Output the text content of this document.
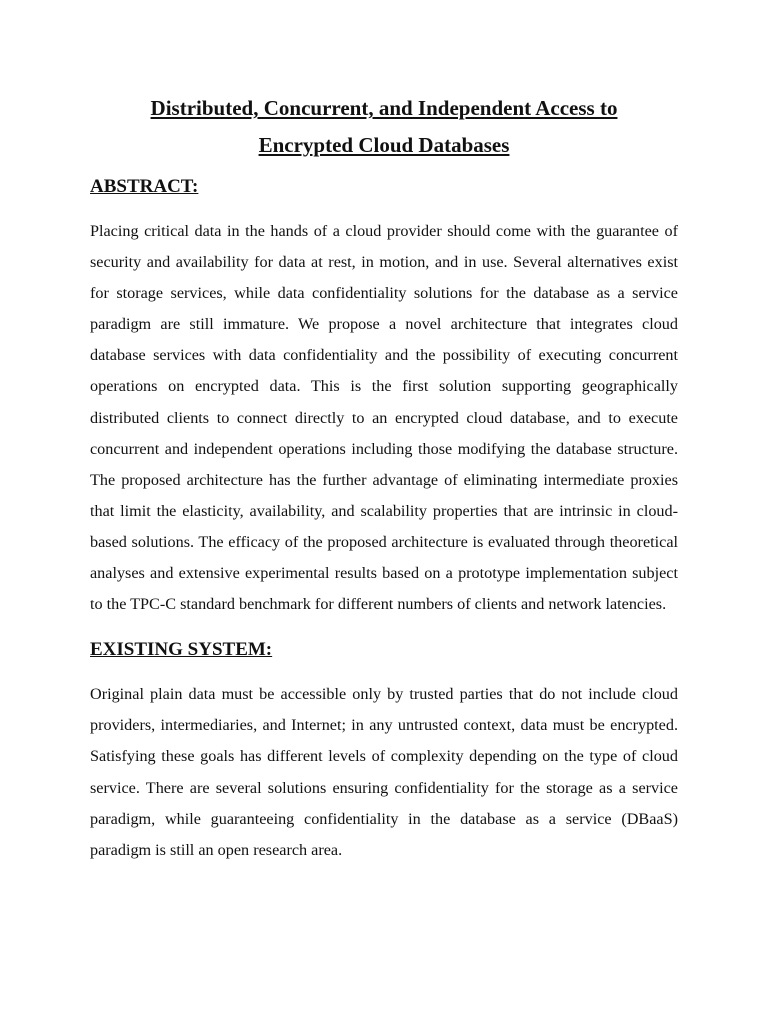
Distributed, Concurrent, and Independent Access to
Encrypted Cloud Databases
ABSTRACT:

Placing critical data in the hands of a cloud provider should come with the guarantee of security and availability for data at rest, in motion, and in use. Several alternatives exist for storage services, while data confidentiality solutions for the database as a service paradigm are still immature. We propose a novel architecture that integrates cloud database services with data confidentiality and the possibility of executing concurrent operations on encrypted data. This is the first solution supporting geographically distributed clients to connect directly to an encrypted cloud database, and to execute concurrent and independent operations including those modifying the database structure. The proposed architecture has the further advantage of eliminating intermediate proxies that limit the elasticity, availability, and scalability properties that are intrinsic in cloud-based solutions. The efficacy of the proposed architecture is evaluated through theoretical analyses and extensive experimental results based on a prototype implementation subject to the TPC-C standard benchmark for different numbers of clients and network latencies.

EXISTING SYSTEM:

Original plain data must be accessible only by trusted parties that do not include cloud providers, intermediaries, and Internet; in any untrusted context, data must be encrypted. Satisfying these goals has different levels of complexity depending on the type of cloud service. There are several solutions ensuring confidentiality for the storage as a service paradigm, while guaranteeing confidentiality in the database as a service (DBaaS) paradigm is still an open research area.
